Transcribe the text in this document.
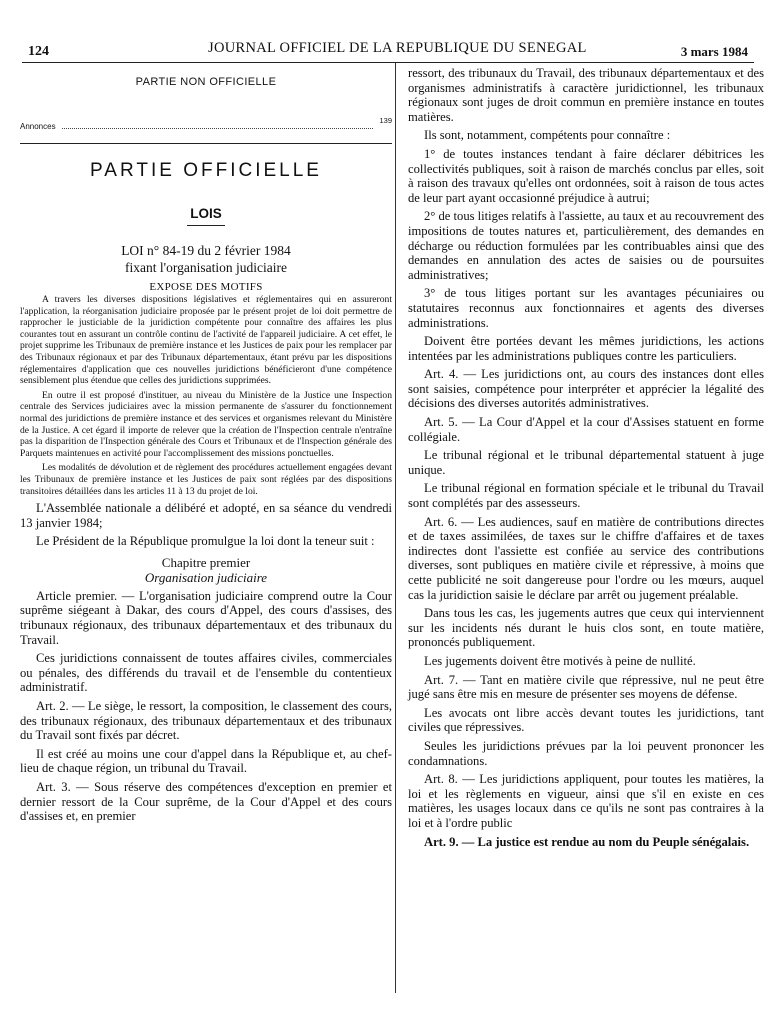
124	JOURNAL OFFICIEL DE LA REPUBLIQUE DU SENEGAL	3 mars 1984
PARTIE NON OFFICIELLE
Annonces
139
PARTIE OFFICIELLE
LOIS
LOI n° 84-19 du 2 février 1984
fixant l'organisation judiciaire
EXPOSE DES MOTIFS

A travers les diverses dispositions législatives et réglementaires qui en assureront l'application, la réorganisation judiciaire proposée par le présent projet de loi doit permettre de rapprocher le justiciable de la juridiction compétente pour connaître des affaires les plus courantes tout en assurant un contrôle continu de l'activité de l'appareil judiciaire. A cet effet, le projet supprime les Tribunaux de première instance et les Justices de paix pour les remplacer par des Tribunaux régionaux et par des Tribunaux départementaux, étant prévu par les dispositions réglementaires d'application que ces nouvelles juridictions bénéficieront d'une compétence sensiblement plus étendue que celles des juridictions supprimées.

En outre il est proposé d'instituer, au niveau du Ministère de la Justice une Inspection centrale des Services judiciaires avec la mission permanente de s'assurer du fonctionnement normal des juridictions de première instance et des services et organismes relevant du Ministère de la Justice. A cet égard il importe de relever que la création de l'Inspection centrale n'entraîne pas la disparition de l'Inspection générale des Cours et Tribunaux et de l'Inspection générale des Parquets maintenues en activité pour l'accomplissement des missions ponctuelles.

Les modalités de dévolution et de règlement des procédures actuellement engagées devant les Tribunaux de première instance et les Justices de paix sont réglées par des dispositions transitoires détaillées dans les articles 11 à 13 du projet de loi.

L'Assemblée nationale a délibéré et adopté, en sa séance du vendredi 13 janvier 1984;

Le Président de la République promulgue la loi dont la teneur suit :

Chapitre premier
Organisation judiciaire

Article premier. — L'organisation judiciaire comprend outre la Cour suprême siégeant à Dakar, des cours d'Appel, des cours d'assises, des tribunaux régionaux, des tribunaux départementaux et des tribunaux du Travail.

Ces juridictions connaissent de toutes affaires civiles, commerciales ou pénales, des différends du travail et de l'ensemble du contentieux administratif.

Art. 2. — Le siège, le ressort, la composition, le classement des cours, des tribunaux régionaux, des tribunaux départementaux et des tribunaux du Travail sont fixés par décret.

Il est créé au moins une cour d'appel dans la République et, au chef-lieu de chaque région, un tribunal du Travail.

Art. 3. — Sous réserve des compétences d'exception en premier et dernier ressort de la Cour suprême, de la Cour d'Appel et des cours d'assises et, en premier

ressort, des tribunaux du Travail, des tribunaux départementaux et des organismes administratifs à caractère juridictionnel, les tribunaux régionaux sont juges de droit commun en première instance en toutes matières.

Ils sont, notamment, compétents pour connaître :

1° de toutes instances tendant à faire déclarer débitrices les collectivités publiques, soit à raison de marchés conclus par elles, soit à raison des travaux qu'elles ont ordonnées, soit à raison de tous actes de leur part ayant occasionné préjudice à autrui;

2° de tous litiges relatifs à l'assiette, au taux et au recouvrement des impositions de toutes natures et, particulièrement, des demandes en décharge ou réduction formulées par les contribuables ainsi que des demandes en annulation des actes de saisies ou de poursuites administratives;

3° de tous litiges portant sur les avantages pécuniaires ou statutaires reconnus aux fonctionnaires et agents des diverses administrations.

Doivent être portées devant les mêmes juridictions, les actions intentées par les administrations publiques contre les particuliers.

Art. 4. — Les juridictions ont, au cours des instances dont elles sont saisies, compétence pour interpréter et apprécier la légalité des décisions des diverses autorités administratives.

Art. 5. — La Cour d'Appel et la cour d'Assises statuent en forme collégiale.

Le tribunal régional et le tribunal départemental statuent à juge unique.

Le tribunal régional en formation spéciale et le tribunal du Travail sont complétés par des assesseurs.

Art. 6. — Les audiences, sauf en matière de contributions directes et de taxes assimilées, de taxes sur le chiffre d'affaires et de taxes indirectes dont l'assiette est confiée au service des contributions diverses, sont publiques en matière civile et répressive, à moins que cette publicité ne soit dangereuse pour l'ordre ou les mœurs, auquel cas la juridiction saisie le déclare par arrêt ou jugement préalable.

Dans tous les cas, les jugements autres que ceux qui interviennent sur les incidents nés durant le huis clos sont, en toute matière, prononcés publiquement.

Les jugements doivent être motivés à peine de nullité.

Art. 7. — Tant en matière civile que répressive, nul ne peut être jugé sans être mis en mesure de présenter ses moyens de défense.

Les avocats ont libre accès devant toutes les juridictions, tant civiles que répressives.

Seules les juridictions prévues par la loi peuvent prononcer les condamnations.

Art. 8. — Les juridictions appliquent, pour toutes les matières, la loi et les règlements en vigueur, ainsi que s'il en existe en ces matières, les usages locaux dans ce qu'ils ne sont pas contraires à la loi et à l'ordre public

Art. 9. — La justice est rendue au nom du Peuple sénégalais.
